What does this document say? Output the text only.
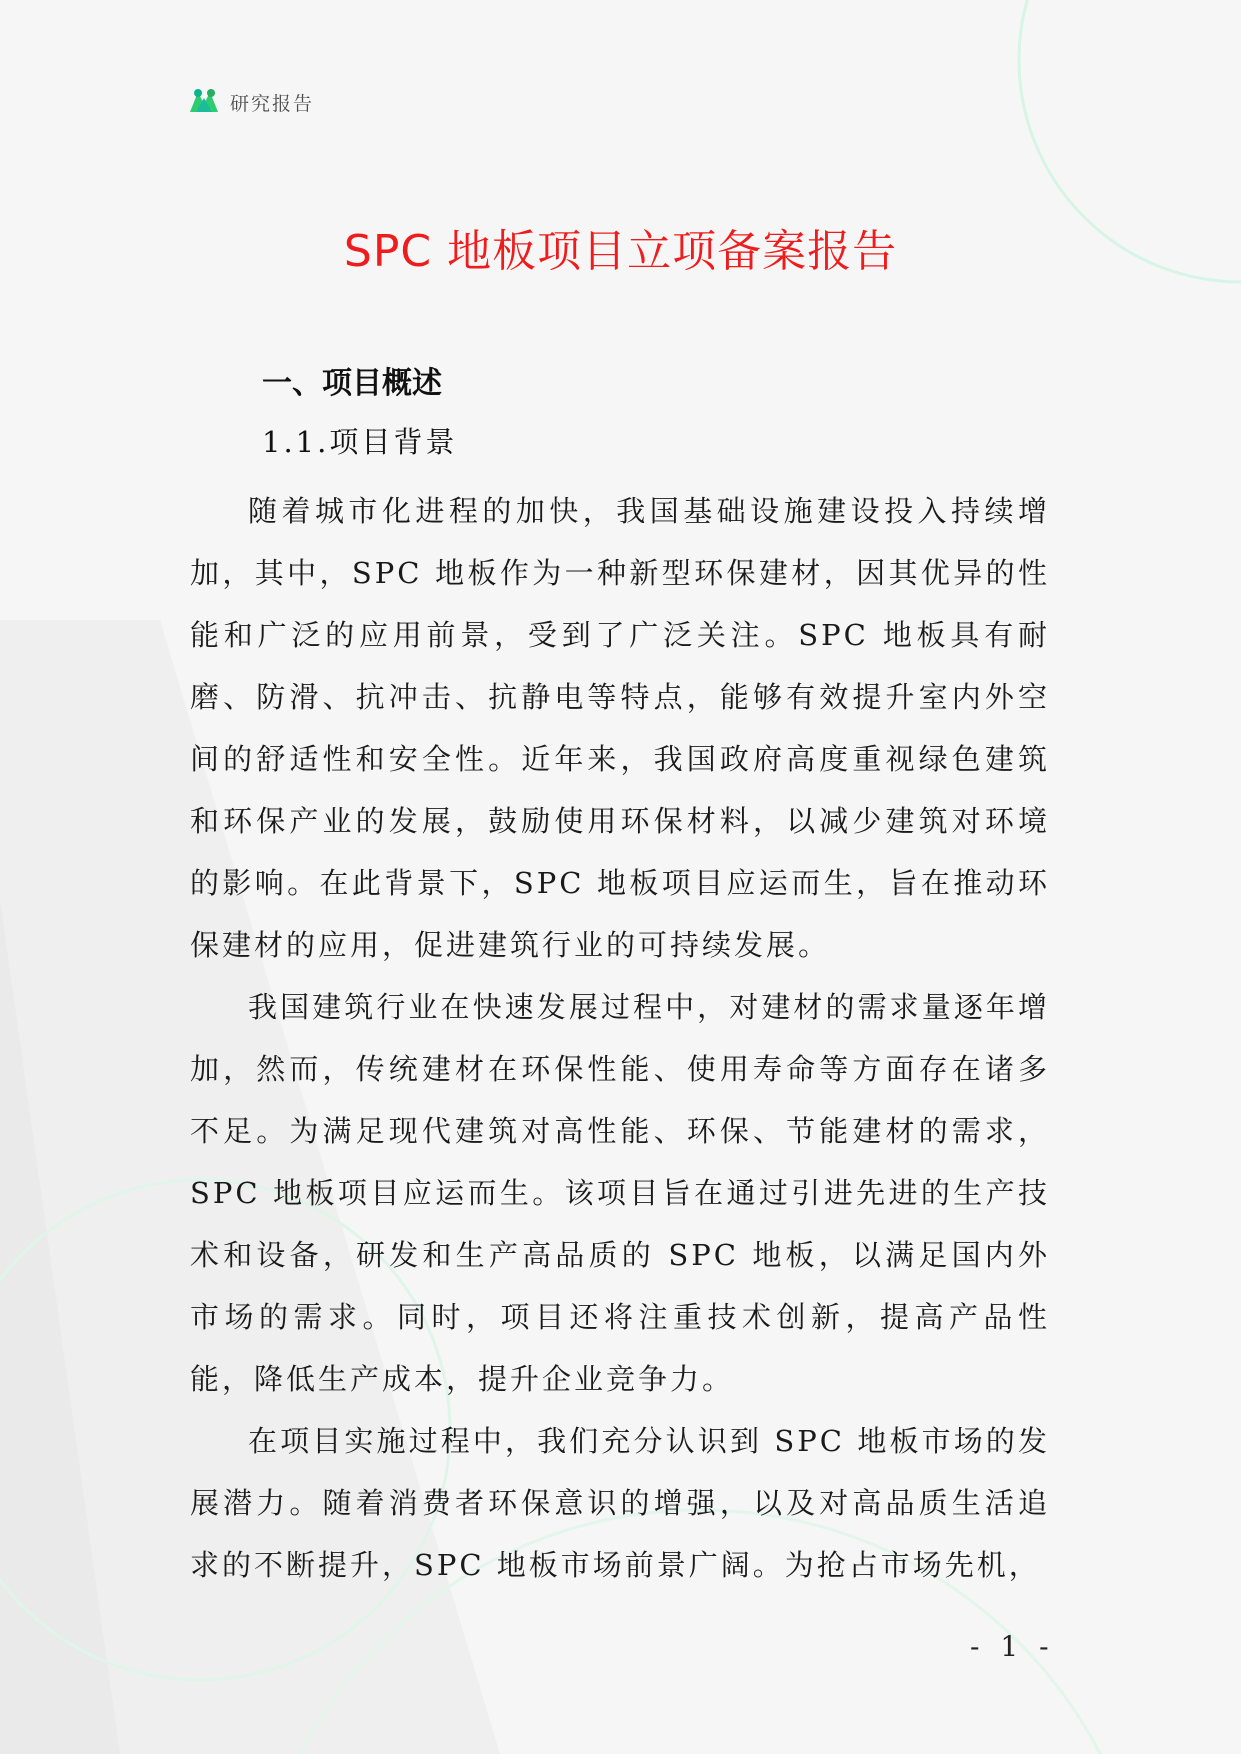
研究报告
SPC 地板项目立项备案报告
一、项目概述
1.1.项目背景

随着城市化进程的加快，我国基础设施建设投入持续增加，其中，SPC 地板作为一种新型环保建材，因其优异的性能和广泛的应用前景，受到了广泛关注。SPC 地板具有耐磨、防滑、抗冲击、抗静电等特点，能够有效提升室内外空间的舒适性和安全性。近年来，我国政府高度重视绿色建筑和环保产业的发展，鼓励使用环保材料，以减少建筑对环境的影响。在此背景下，SPC 地板项目应运而生，旨在推动环保建材的应用，促进建筑行业的可持续发展。

我国建筑行业在快速发展过程中，对建材的需求量逐年增加，然而，传统建材在环保性能、使用寿命等方面存在诸多不足。为满足现代建筑对高性能、环保、节能建材的需求，SPC 地板项目应运而生。该项目旨在通过引进先进的生产技术和设备，研发和生产高品质的 SPC 地板，以满足国内外市场的需求。同时，项目还将注重技术创新，提高产品性能，降低生产成本，提升企业竞争力。

在项目实施过程中，我们充分认识到 SPC 地板市场的发展潜力。随着消费者环保意识的增强，以及对高品质生活追求的不断提升，SPC 地板市场前景广阔。为抢占市场先机，

- 1 -
